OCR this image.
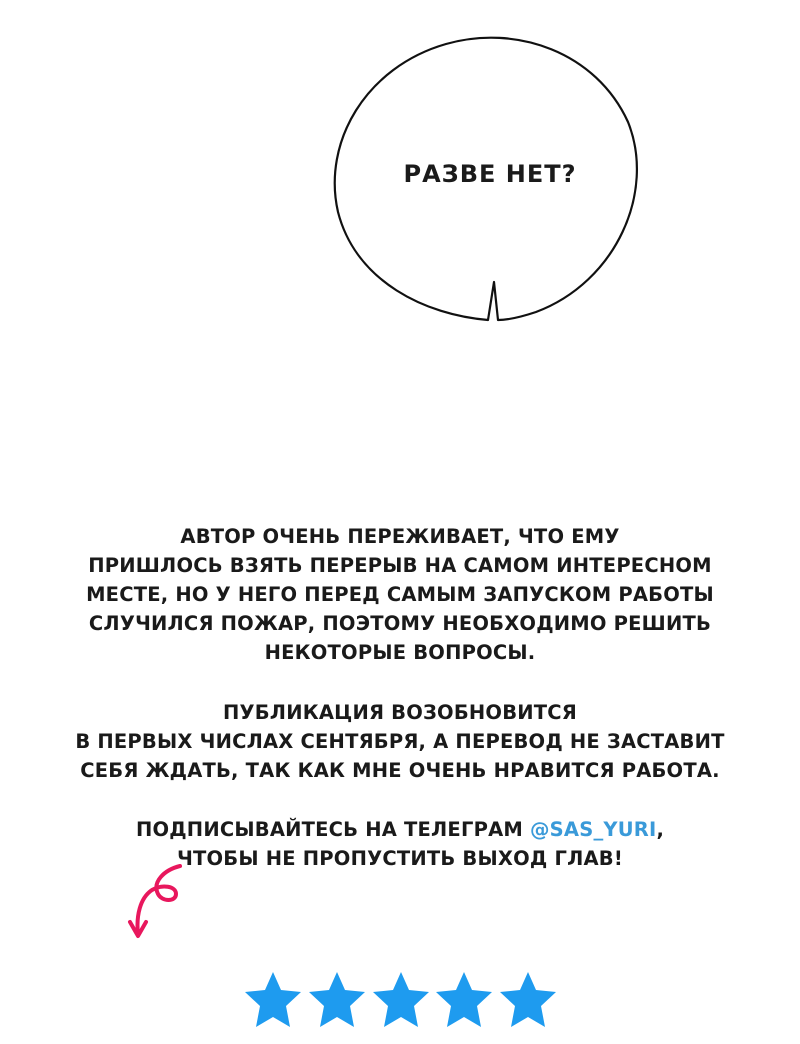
РАЗВЕ НЕТ?
АВТОР ОЧЕНЬ ПЕРЕЖИВАЕТ, ЧТО ЕМУ
ПРИШЛОСЬ ВЗЯТЬ ПЕРЕРЫВ НА САМОМ ИНТЕРЕСНОМ
МЕСТЕ, НО У НЕГО ПЕРЕД САМЫМ ЗАПУСКОМ РАБОТЫ
СЛУЧИЛСЯ ПОЖАР, ПОЭТОМУ НЕОБХОДИМО РЕШИТЬ
НЕКОТОРЫЕ ВОПРОСЫ.
ПУБЛИКАЦИЯ ВОЗОБНОВИТСЯ
В ПЕРВЫХ ЧИСЛАХ СЕНТЯБРЯ, А ПЕРЕВОД НЕ ЗАСТАВИТ
СЕБЯ ЖДАТЬ, ТАК КАК МНЕ ОЧЕНЬ НРАВИТСЯ РАБОТА.
ПОДПИСЫВАЙТЕСЬ НА ТЕЛЕГРАМ @SAS_YURI,
ЧТОБЫ НЕ ПРОПУСТИТЬ ВЫХОД ГЛАВ!
